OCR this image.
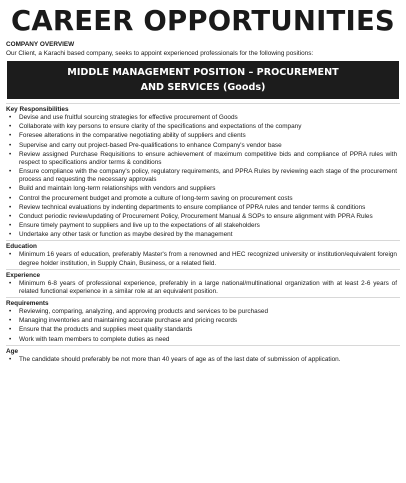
CAREER OPPORTUNITIES
COMPANY OVERVIEW
Our Client, a Karachi based company, seeks to appoint experienced professionals for the following positions:
MIDDLE MANAGEMENT POSITION – PROCUREMENT
AND SERVICES (Goods)
Key Responsibilities
• Devise and use fruitful sourcing strategies for effective procurement of Goods
• Collaborate with key persons to ensure clarity of the specifications and expectations of the company
• Foresee alterations in the comparative negotiating ability of suppliers and clients
• Supervise and carry out project-based Pre-qualifications to enhance Company's vendor base
• Review assigned Purchase Requisitions to ensure achievement of maximum competitive bids and compliance of PPRA rules with respect to specifications and/or terms & conditions
• Ensure compliance with the company's policy, regulatory requirements, and PPRA Rules by reviewing each stage of the procurement process and requesting the necessary approvals
• Build and maintain long-term relationships with vendors and suppliers
• Control the procurement budget and promote a culture of long-term saving on procurement costs
• Review technical evaluations by indenting departments to ensure compliance of PPRA rules and tender terms & conditions
• Conduct periodic review/updating of Procurement Policy, Procurement Manual & SOPs to ensure alignment with PPRA Rules
• Ensure timely payment to suppliers and live up to the expectations of all stakeholders
• Undertake any other task or function as maybe desired by the management
Education
• Minimum 16 years of education, preferably Master's from a renowned and HEC recognized university or institution/equivalent foreign degree holder institution, in Supply Chain, Business, or a related field.
Experience
• Minimum 6-8 years of professional experience, preferably in a large national/multinational organization with at least 2-6 years of related functional experience in a similar role at an equivalent position.
Requirements
• Reviewing, comparing, analyzing, and approving products and services to be purchased
• Managing inventories and maintaining accurate purchase and pricing records
• Ensure that the products and supplies meet quality standards
• Work with team members to complete duties as need
Age
• The candidate should preferably be not more than 40 years of age as of the last date of submission of application.
